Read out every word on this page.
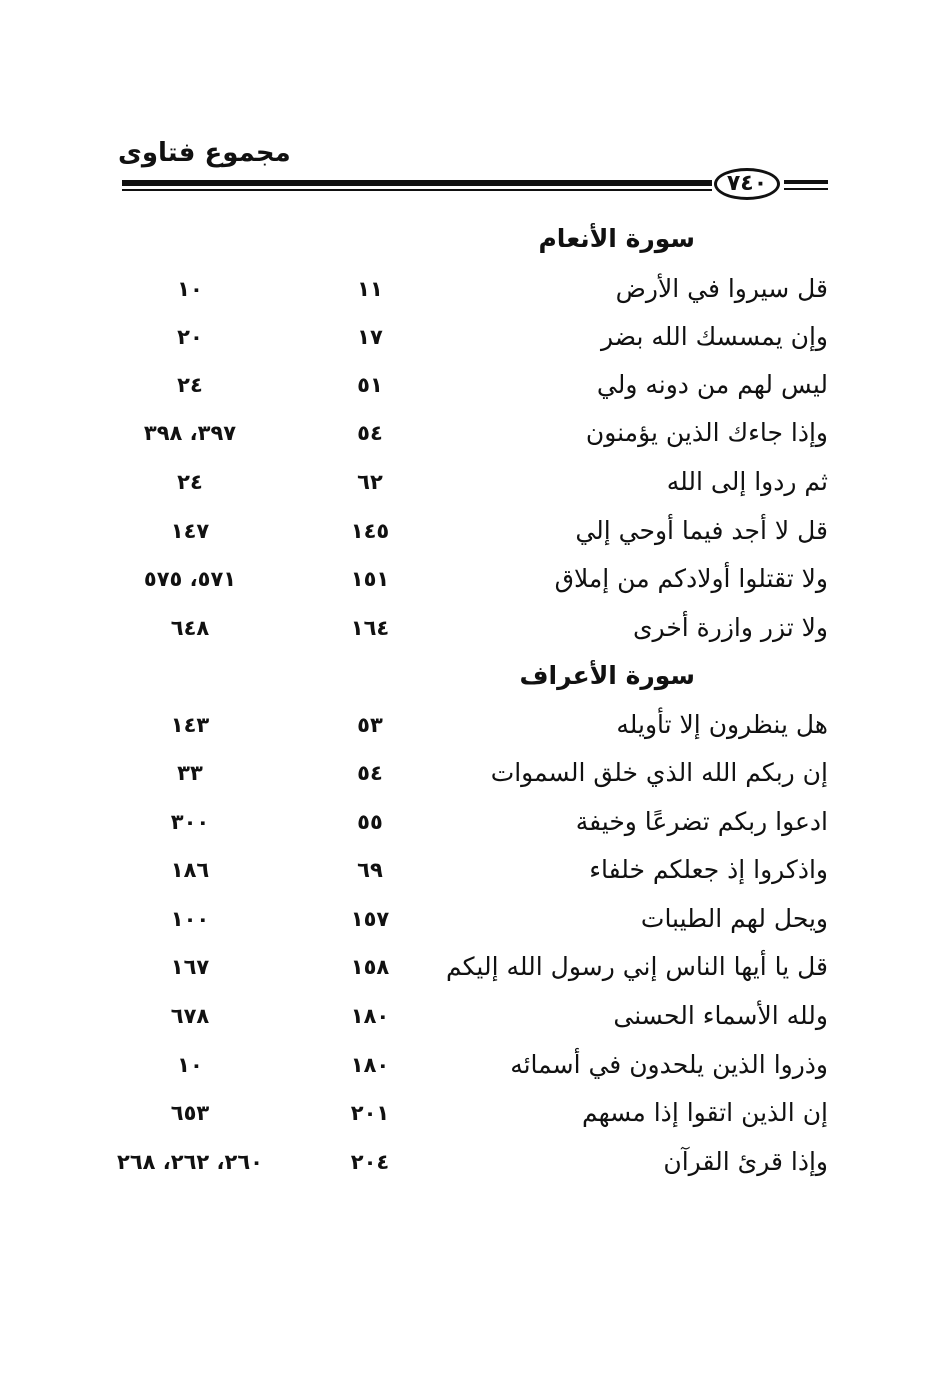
مجموع فتاوى
٧٤٠
سورة الأنعام
قل سيروا في الأرض
١١
١٠
وإن يمسسك الله بضر
١٧
٢٠
ليس لهم من دونه ولي
٥١
٢٤
وإذا جاءك الذين يؤمنون
٥٤
٣٩٧، ٣٩٨
ثم ردوا إلى الله
٦٢
٢٤
قل لا أجد فيما أوحي إلي
١٤٥
١٤٧
ولا تقتلوا أولادكم من إملاق
١٥١
٥٧١، ٥٧٥
ولا تزر وازرة أخرى
١٦٤
٦٤٨
سورة الأعراف
هل ينظرون إلا تأويله
٥٣
١٤٣
إن ربكم الله الذي خلق السموات
٥٤
٣٣
ادعوا ربكم تضرعًا وخيفة
٥٥
٣٠٠
واذكروا إذ جعلكم خلفاء
٦٩
١٨٦
ويحل لهم الطيبات
١٥٧
١٠٠
قل يا أيها الناس إني رسول الله إليكم
١٥٨
١٦٧
ولله الأسماء الحسنى
١٨٠
٦٧٨
وذروا الذين يلحدون في أسمائه
١٨٠
١٠
إن الذين اتقوا إذا مسهم
٢٠١
٦٥٣
وإذا قرئ القرآن
٢٠٤
٢٦٠، ٢٦٢، ٢٦٨
